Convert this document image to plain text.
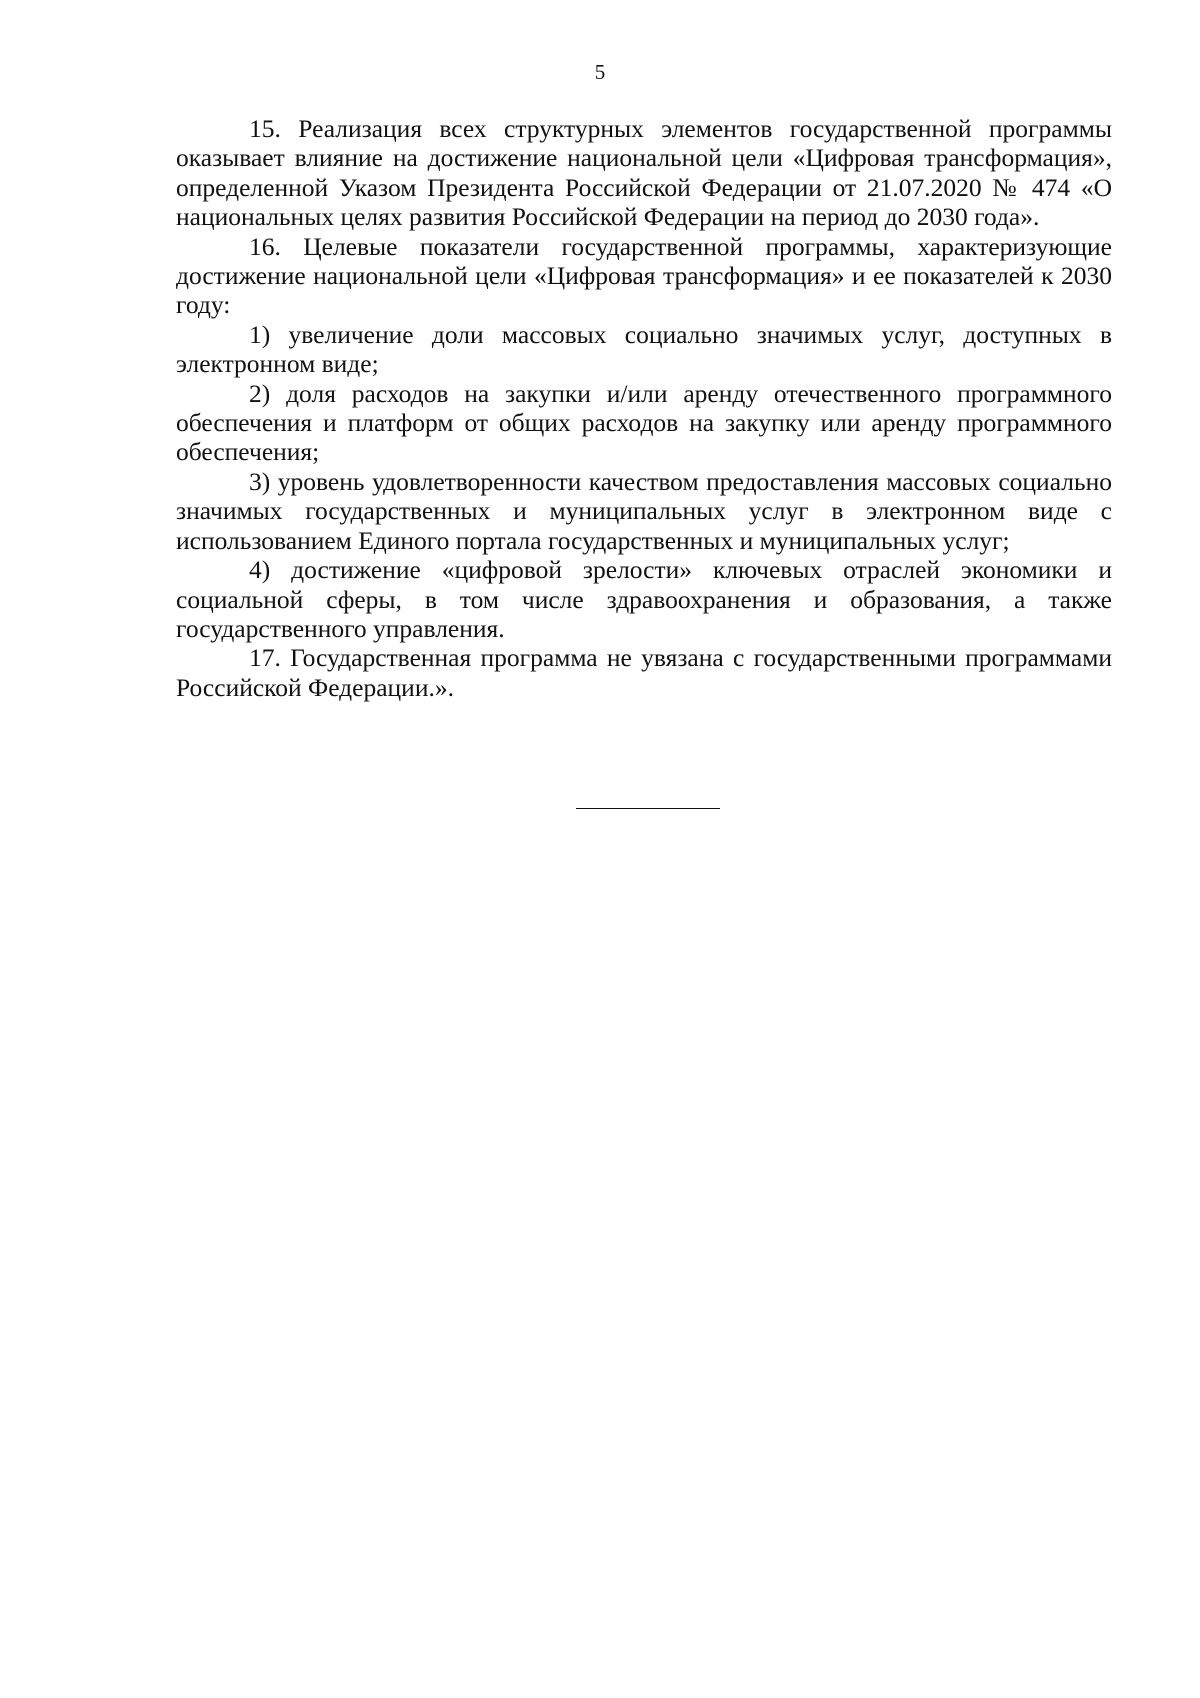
5

15. Реализация всех структурных элементов государственной программы оказывает влияние на достижение национальной цели «Цифровая трансформация», определенной Указом Президента Российской Федерации от 21.07.2020 № 474 «О национальных целях развития Российской Федерации на период до 2030 года».

16. Целевые показатели государственной программы, характеризующие достижение национальной цели «Цифровая трансформация» и ее показателей к 2030 году:

1) увеличение доли массовых социально значимых услуг, доступных в электронном виде;

2) доля расходов на закупки и/или аренду отечественного программного обеспечения и платформ от общих расходов на закупку или аренду программного обеспечения;

3) уровень удовлетворенности качеством предоставления массовых социально значимых государственных и муниципальных услуг в электронном виде с использованием Единого портала государственных и муниципальных услуг;

4) достижение «цифровой зрелости» ключевых отраслей экономики и социальной сферы, в том числе здравоохранения и образования, а также государственного управления.

17. Государственная программа не увязана с государственными программами Российской Федерации.».
